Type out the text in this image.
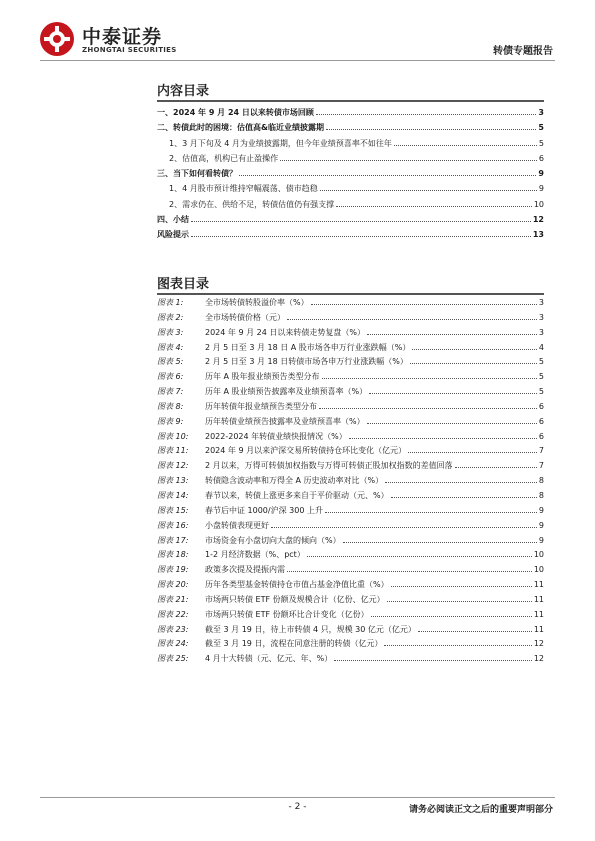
中泰证券
ZHONGTAI SECURITIES	转债专题报告
内容目录
一、2024 年 9 月 24 日以来转债市场回顾	3
二、转债此时的困境：估值高&临近业绩披露期	5
1、3 月下旬及 4 月为业绩披露期，但今年业绩预喜率不如往年	5
2、估值高，机构已有止盈操作	6
三、当下如何看转债？	9
1、4 月股市预计维持窄幅震荡、债市趋稳	9
2、需求仍在、供给不足，转债估值仍有强支撑	10
四、小结	12
风险提示	13
图表目录
图表 1:	全市场转债转股溢价率（%）	3
图表 2:	全市场转债价格（元）	3
图表 3:	2024 年 9 月 24 日以来转债走势复盘（%）	3
图表 4:	2 月 5 日至 3 月 18 日 A 股市场各申万行业涨跌幅（%）	4
图表 5:	2 月 5 日至 3 月 18 日转债市场各申万行业涨跌幅（%）	5
图表 6:	历年 A 股年报业绩预告类型分布	5
图表 7:	历年 A 股业绩预告披露率及业绩预喜率（%）	5
图表 8:	历年转债年报业绩预告类型分布	6
图表 9:	历年转债业绩预告披露率及业绩预喜率（%）	6
图表 10:	2022-2024 年转债业绩快报情况（%）	6
图表 11:	2024 年 9 月以来沪深交易所转债持仓环比变化（亿元）	7
图表 12:	2 月以来，万得可转债加权指数与万得可转债正股加权指数的差值回落	7
图表 13:	转债隐含波动率和万得全 A 历史波动率对比（%）	8
图表 14:	春节以来，转债上涨更多来自于平价驱动（元、%）	8
图表 15:	春节后中证 1000/沪深 300 上升	9
图表 16:	小盘转债表现更好	9
图表 17:	市场资金有小盘切向大盘的倾向（%）	9
图表 18:	1-2 月经济数据（%、pct）	10
图表 19:	政策多次提及提振内需	10
图表 20:	历年各类型基金转债持仓市值占基金净值比重（%）	11
图表 21:	市场两只转债 ETF 份额及规模合计（亿份、亿元）	11
图表 22:	市场两只转债 ETF 份额环比合计变化（亿份）	11
图表 23:	截至 3 月 19 日，待上市转债 4 只，规模 30 亿元（亿元）	11
图表 24:	截至 3 月 19 日，流程在同意注册的转债（亿元）	12
图表 25:	4 月十大转债（元、亿元、年、%）	12
- 2 -	请务必阅读正文之后的重要声明部分
